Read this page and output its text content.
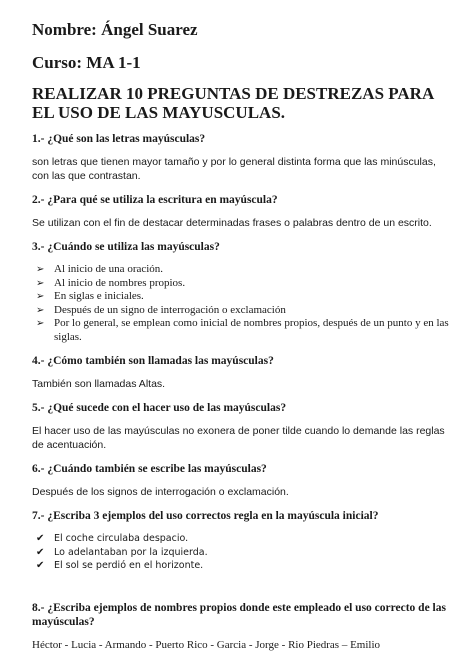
Nombre: Ángel Suarez
Curso: MA 1-1
REALIZAR 10 PREGUNTAS DE DESTREZAS PARA EL USO DE LAS MAYUSCULAS.
1.- ¿Qué son las letras mayúsculas?
son letras que tienen mayor tamaño y por lo general distinta forma que las minúsculas, con las que contrastan.
2.- ¿Para qué se utiliza la escritura en mayúscula?
Se utilizan con el fin de destacar determinadas frases o palabras dentro de un escrito.
3.- ¿Cuándo se utiliza las mayúsculas?
➢ Al inicio de una oración.
➢ Al inicio de nombres propios.
➢ En siglas e iniciales.
➢ Después de un signo de interrogación o exclamación
➢ Por lo general, se emplean como inicial de nombres propios, después de un punto y en las siglas.
4.- ¿Cómo también son llamadas las mayúsculas?
También son llamadas Altas.
5.- ¿Qué sucede con el hacer uso de las mayúsculas?
El hacer uso de las mayúsculas no exonera de poner tilde cuando lo demande las reglas de acentuación.
6.- ¿Cuándo también se escribe las mayúsculas?
Después de los signos de interrogación o exclamación.
7.- ¿Escriba 3 ejemplos del uso correctos regla en la mayúscula inicial?
✔ El coche circulaba despacio.
✔ Lo adelantaban por la izquierda.
✔ El sol se perdió en el horizonte.
8.- ¿Escriba ejemplos de nombres propios donde este empleado el uso correcto de las mayúsculas?
Héctor - Lucia - Armando - Puerto Rico - Garcia - Jorge - Rio Piedras – Emilio
